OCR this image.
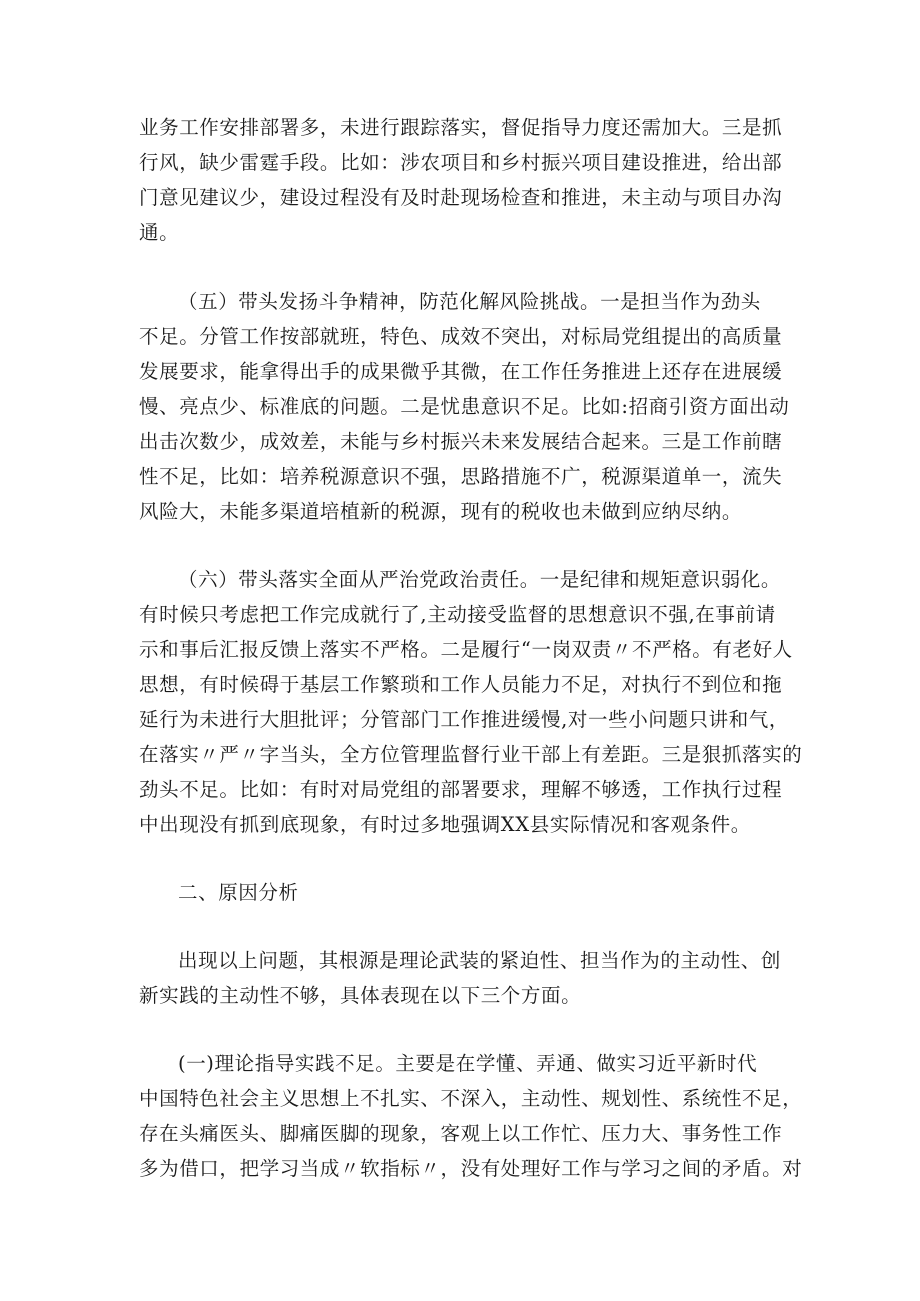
业务工作安排部署多，未进行跟踪落实，督促指导力度还需加大。三是抓
行风，缺少雷霆手段。比如：涉农项目和乡村振兴项目建设推进，给出部
门意见建议少，建设过程没有及时赴现场检查和推进，未主动与项目办沟
通。
（五）带头发扬斗争精神，防范化解风险挑战。一是担当作为劲头
不足。分管工作按部就班，特色、成效不突出，对标局党组提出的高质量
发展要求，能拿得出手的成果微乎其微，在工作任务推进上还存在进展缓
慢、亮点少、标准底的问题。二是忧患意识不足。比如:招商引资方面出动
出击次数少，成效差，未能与乡村振兴未来发展结合起来。三是工作前瞎
性不足，比如：培养税源意识不强，思路措施不广，税源渠道单一，流失
风险大，未能多渠道培植新的税源，现有的税收也未做到应纳尽纳。
（六）带头落实全面从严治党政治责任。一是纪律和规矩意识弱化。
有时候只考虑把工作完成就行了,主动接受监督的思想意识不强,在事前请
示和事后汇报反馈上落实不严格。二是履行“一岗双责〃不严格。有老好人
思想，有时候碍于基层工作繁琐和工作人员能力不足，对执行不到位和拖
延行为未进行大胆批评；分管部门工作推进缓慢,对一些小问题只讲和气，
在落实〃严〃字当头，全方位管理监督行业干部上有差距。三是狠抓落实的
劲头不足。比如：有时对局党组的部署要求，理解不够透，工作执行过程
中出现没有抓到底现象，有时过多地强调XX县实际情况和客观条件。
二、原因分析
出现以上问题，其根源是理论武装的紧迫性、担当作为的主动性、创
新实践的主动性不够，具体表现在以下三个方面。
(一)理论指导实践不足。主要是在学懂、弄通、做实习近平新时代
中国特色社会主义思想上不扎实、不深入，主动性、规划性、系统性不足，
存在头痛医头、脚痛医脚的现象，客观上以工作忙、压力大、事务性工作
多为借口，把学习当成〃软指标〃，没有处理好工作与学习之间的矛盾。对
